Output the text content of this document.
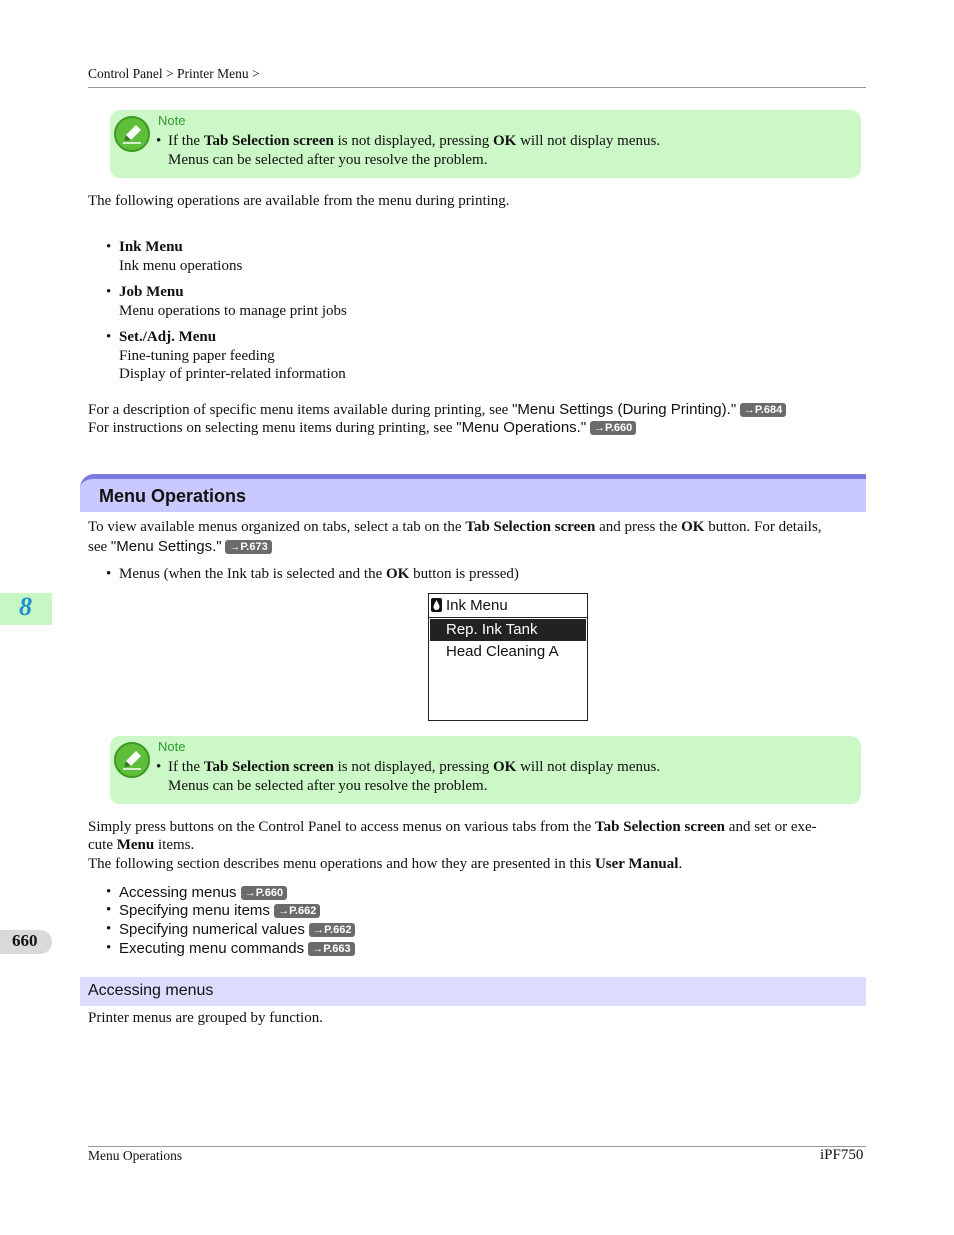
Control Panel > Printer Menu >
Note
• If the Tab Selection screen is not displayed, pressing OK will not display menus.
Menus can be selected after you resolve the problem.
The following operations are available from the menu during printing.
• Ink Menu
Ink menu operations
• Job Menu
Menu operations to manage print jobs
• Set./Adj. Menu
Fine-tuning paper feeding
Display of printer-related information
For a description of specific menu items available during printing, see "Menu Settings (During Printing)." →P.684
For instructions on selecting menu items during printing, see "Menu Operations." →P.660
Menu Operations
To view available menus organized on tabs, select a tab on the Tab Selection screen and press the OK button. For details,
see "Menu Settings." →P.673
• Menus (when the Ink tab is selected and the OK button is pressed)
Ink Menu
Rep. Ink Tank
Head Cleaning A
Note
• If the Tab Selection screen is not displayed, pressing OK will not display menus.
Menus can be selected after you resolve the problem.
Simply press buttons on the Control Panel to access menus on various tabs from the Tab Selection screen and set or exe-
cute Menu items.
The following section describes menu operations and how they are presented in this User Manual.
• Accessing menus →P.660
• Specifying menu items →P.662
• Specifying numerical values →P.662
• Executing menu commands →P.663
Accessing menus
Printer menus are grouped by function.
8
660
Menu Operations	iPF750
